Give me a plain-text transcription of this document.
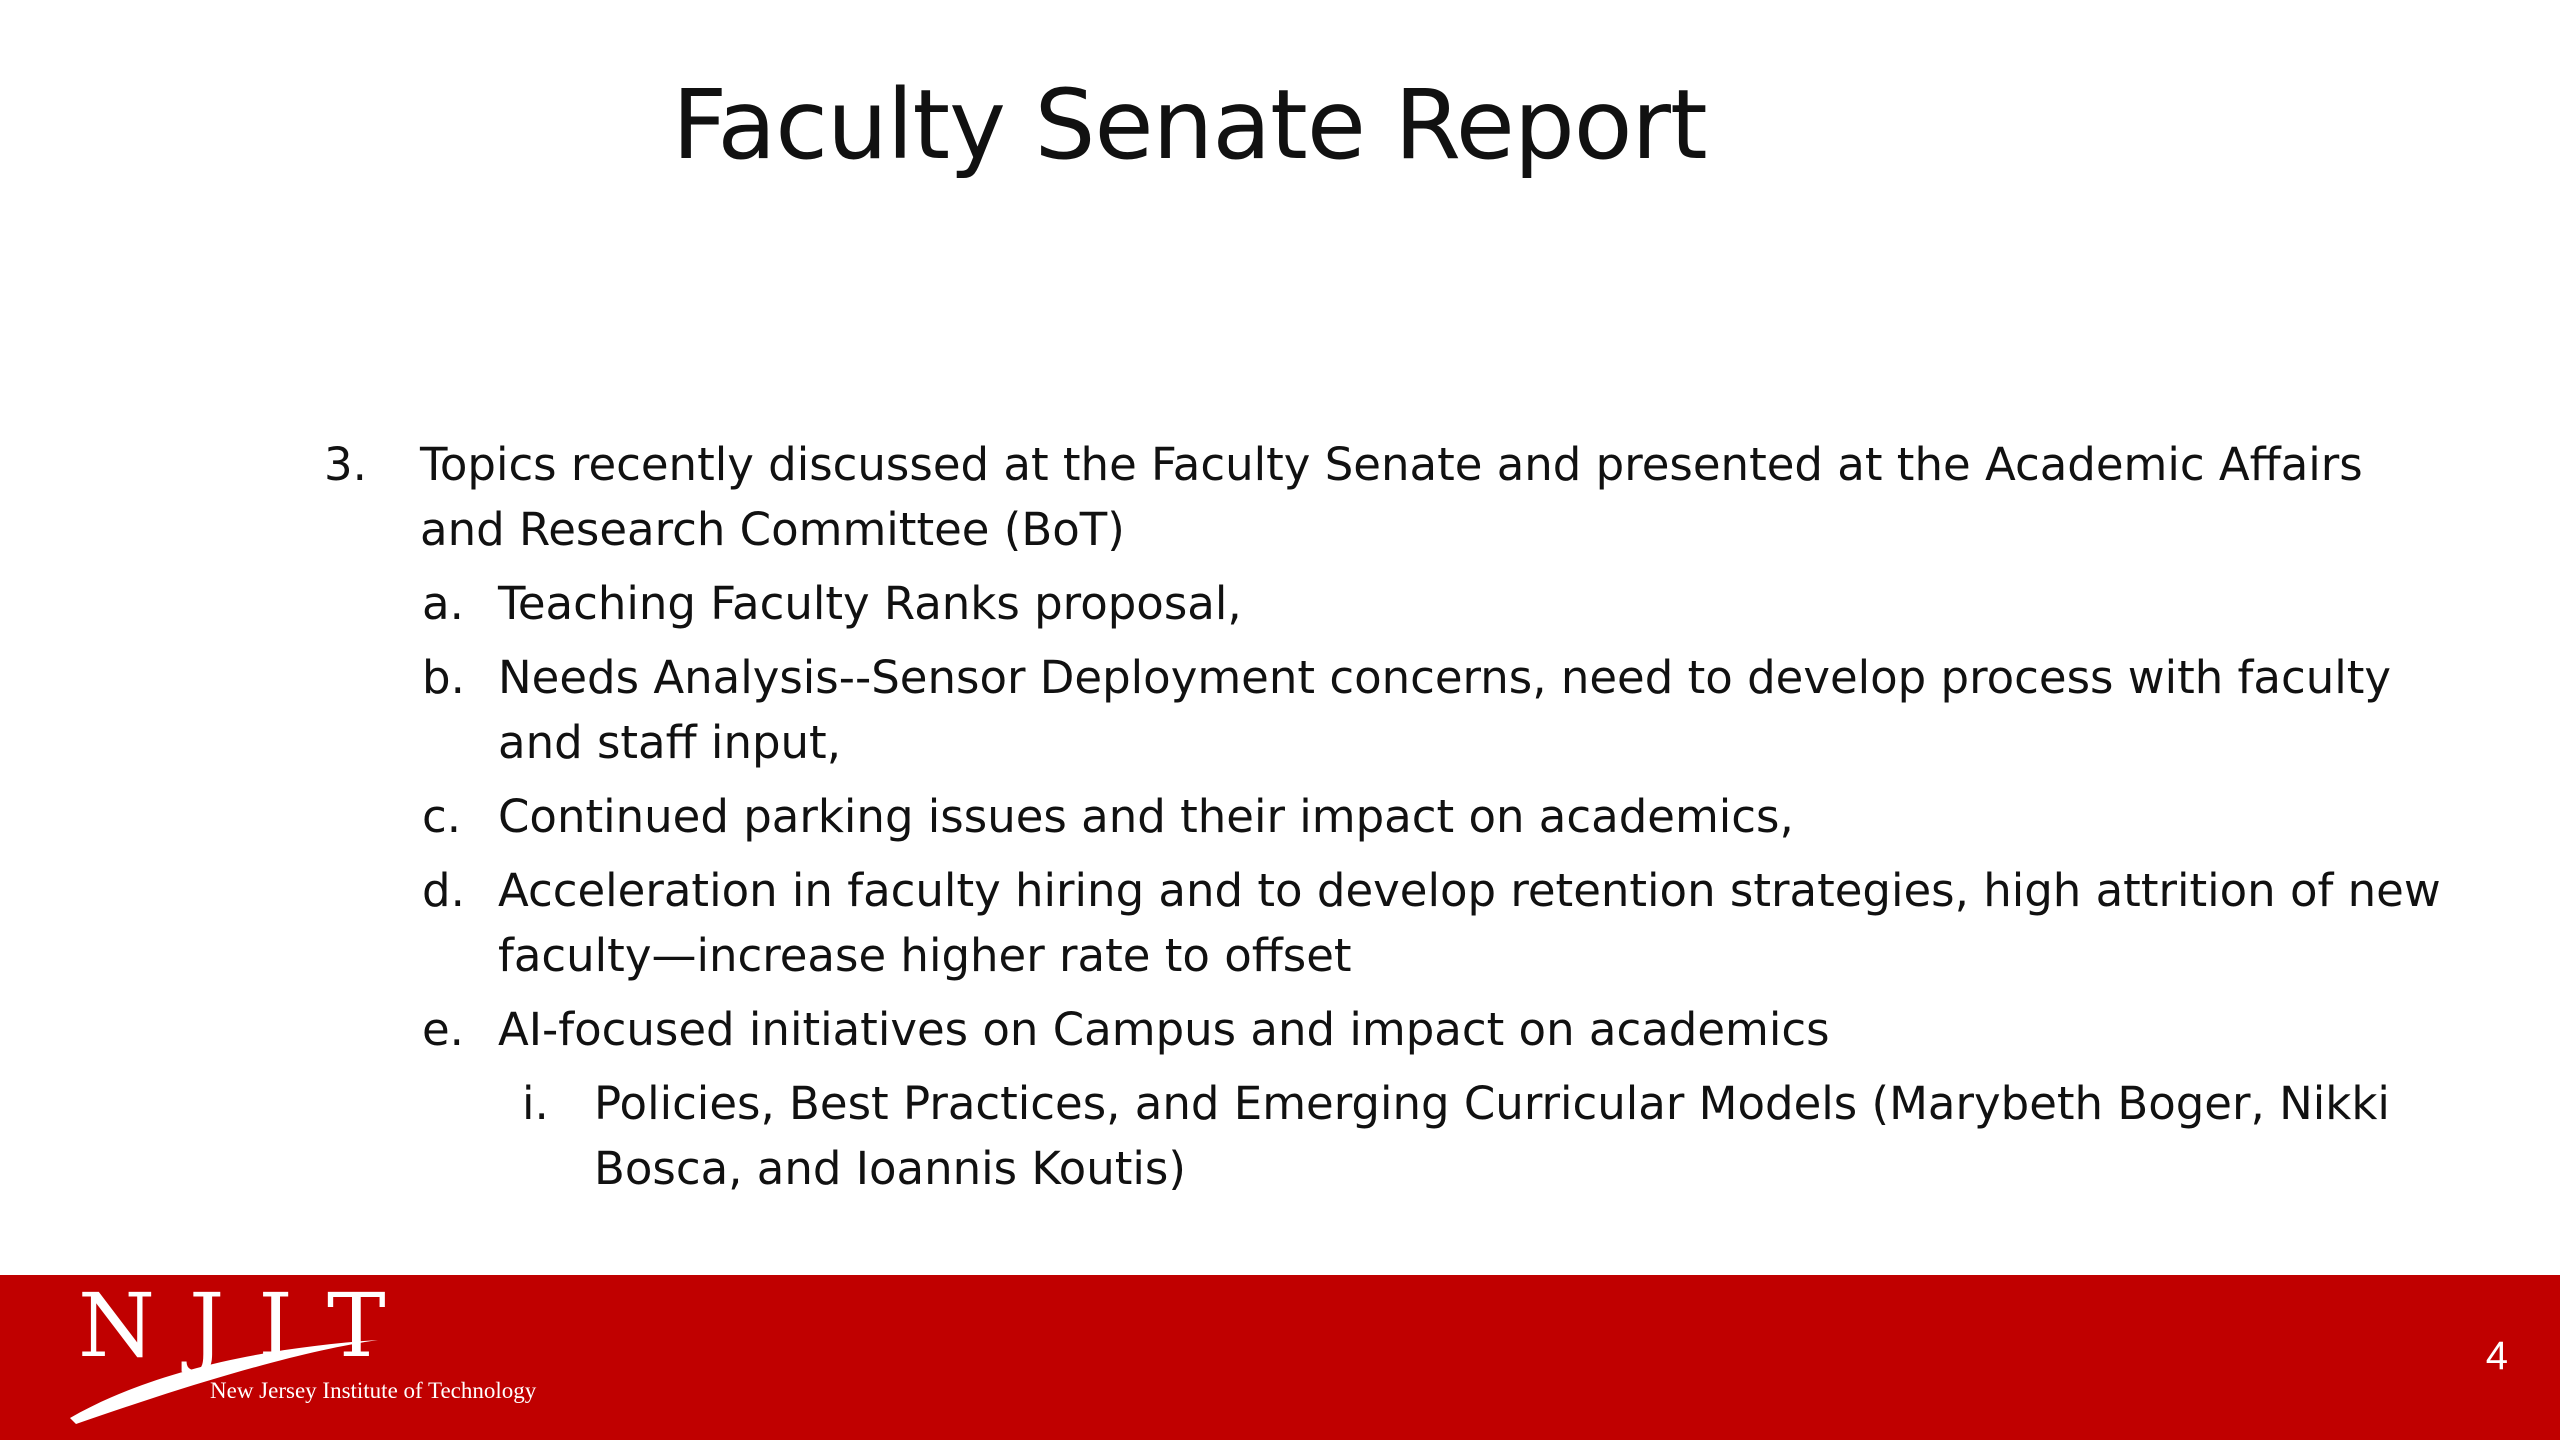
Faculty Senate Report
3. Topics recently discussed at the Faculty Senate and presented at the Academic Affairs and Research Committee (BoT)
a. Teaching Faculty Ranks proposal,
b. Needs Analysis--Sensor Deployment concerns, need to develop process with faculty and staff input,
c. Continued parking issues and their impact on academics,
d. Acceleration in faculty hiring and to develop retention strategies, high attrition of new faculty—increase higher rate to offset
e. AI-focused initiatives on Campus and impact on academics
i. Policies, Best Practices, and Emerging Curricular Models (Marybeth Boger, Nikki Bosca, and Ioannis Koutis)
NJIT
New Jersey Institute of Technology
4
